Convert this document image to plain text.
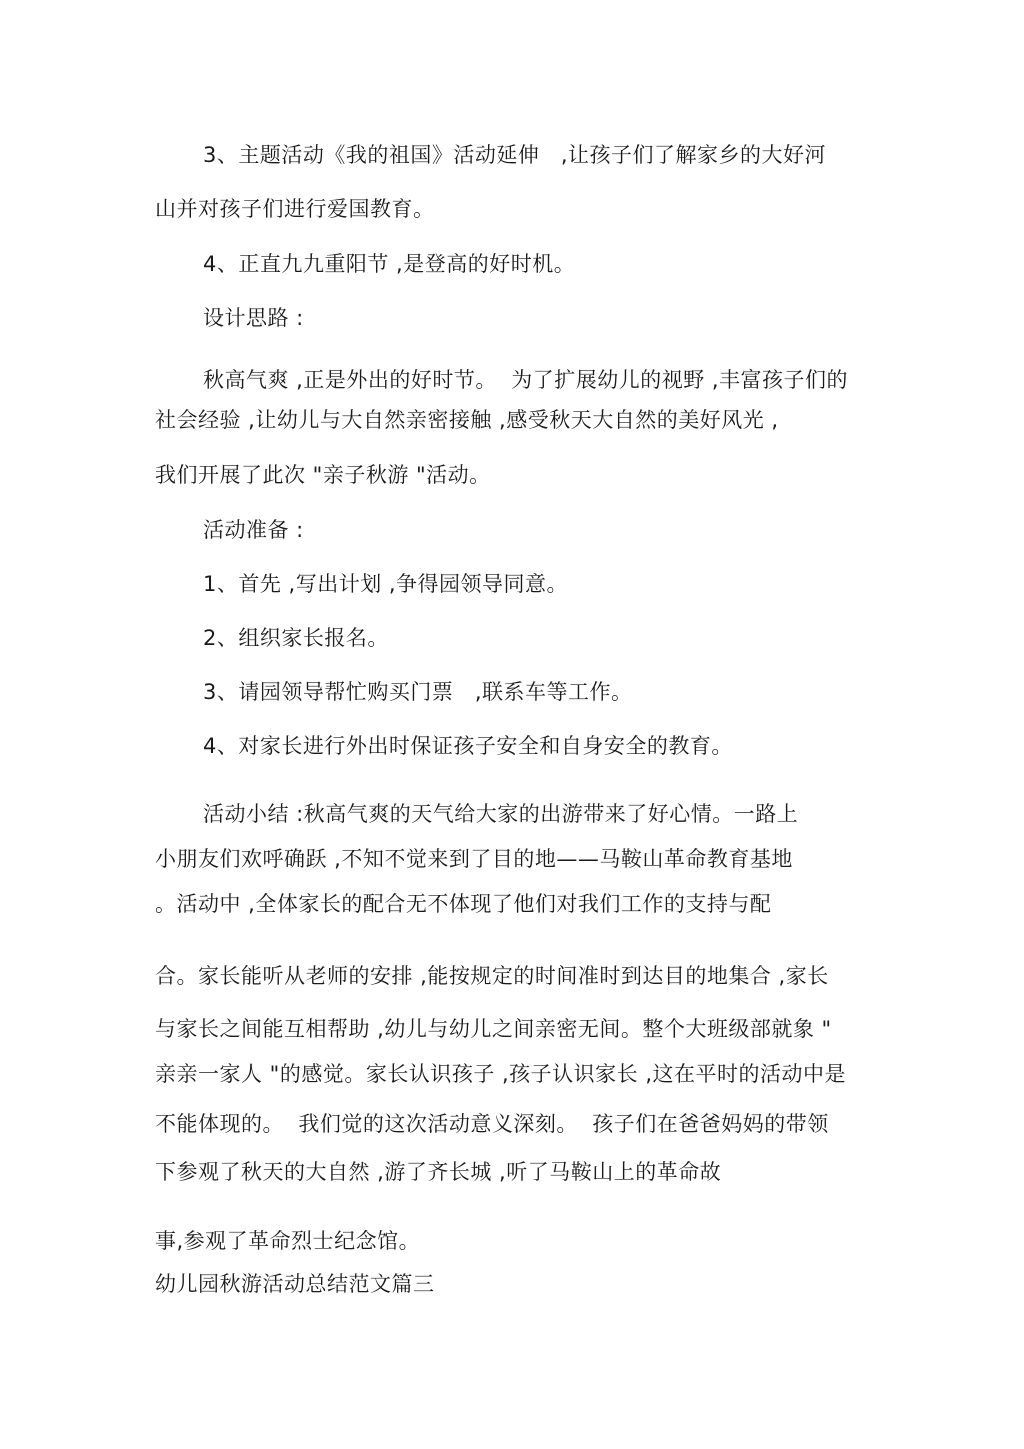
3、主题活动《我的祖国》活动延伸   ,让孩子们了解家乡的大好河
山并对孩子们进行爱国教育。
4、正直九九重阳节 ,是登高的好时机。
设计思路 :
秋高气爽 ,正是外出的好时节。  为了扩展幼儿的视野 ,丰富孩子们的
社会经验 ,让幼儿与大自然亲密接触 ,感受秋天大自然的美好风光 ,
我们开展了此次 "亲子秋游 "活动。
活动准备 :
1、首先 ,写出计划 ,争得园领导同意。
2、组织家长报名。
3、请园领导帮忙购买门票   ,联系车等工作。
4、对家长进行外出时保证孩子安全和自身安全的教育。
活动小结 :秋高气爽的天气给大家的出游带来了好心情。一路上
小朋友们欢呼确跃 ,不知不觉来到了目的地——马鞍山革命教育基地
。活动中 ,全体家长的配合无不体现了他们对我们工作的支持与配
合。家长能听从老师的安排 ,能按规定的时间准时到达目的地集合 ,家长
与家长之间能互相帮助 ,幼儿与幼儿之间亲密无间。整个大班级部就象 "
亲亲一家人 "的感觉。家长认识孩子 ,孩子认识家长 ,这在平时的活动中是
不能体现的。  我们觉的这次活动意义深刻。  孩子们在爸爸妈妈的带领
下参观了秋天的大自然 ,游了齐长城 ,听了马鞍山上的革命故
事,参观了革命烈士纪念馆。
幼儿园秋游活动总结范文篇三
